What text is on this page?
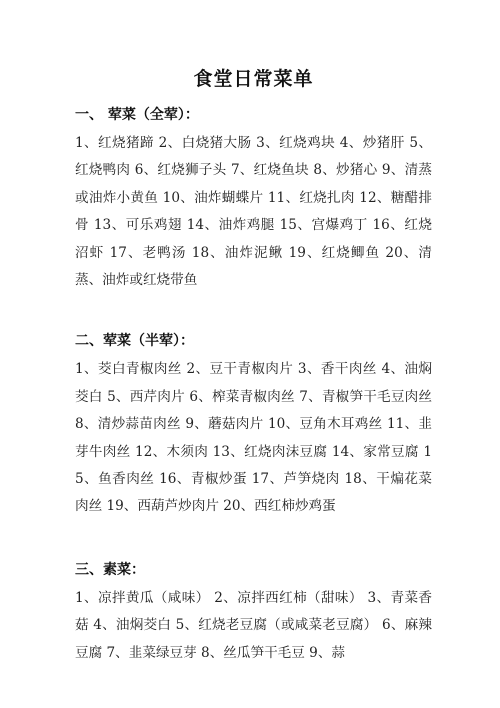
食堂日常菜单
一、 荤菜（全荤）：

1、红烧猪蹄 2、白烧猪大肠 3、红烧鸡块 4、炒猪肝 5、红烧鸭肉 6、红烧狮子头 7、红烧鱼块 8、炒猪心 9、清蒸或油炸小黄鱼 10、油炸蝴蝶片 11、红烧扎肉 12、糖醋排骨 13、可乐鸡翅 14、油炸鸡腿 15、宫爆鸡丁 16、红烧沼虾 17、老鸭汤 18、油炸泥鳅 19、红烧鲫鱼 20、清蒸、油炸或红烧带鱼

二、荤菜（半荤）：

1、茭白青椒肉丝 2、豆干青椒肉片 3、香干肉丝 4、油焖茭白 5、西芹肉片 6、榨菜青椒肉丝 7、青椒笋干毛豆肉丝 8、清炒蒜苗肉丝 9、蘑菇肉片 10、豆角木耳鸡丝 11、韭芽牛肉丝 12、木须肉 13、红烧肉沫豆腐 14、家常豆腐 15、鱼香肉丝 16、青椒炒蛋 17、芦笋烧肉 18、干煸花菜肉丝 19、西葫芦炒肉片 20、西红柿炒鸡蛋

三、素菜：

1、凉拌黄瓜（咸味） 2、凉拌西红柿（甜味） 3、青菜香菇 4、油焖茭白 5、红烧老豆腐（或咸菜老豆腐） 6、麻辣豆腐 7、韭菜绿豆芽 8、丝瓜笋干毛豆 9、蒜
